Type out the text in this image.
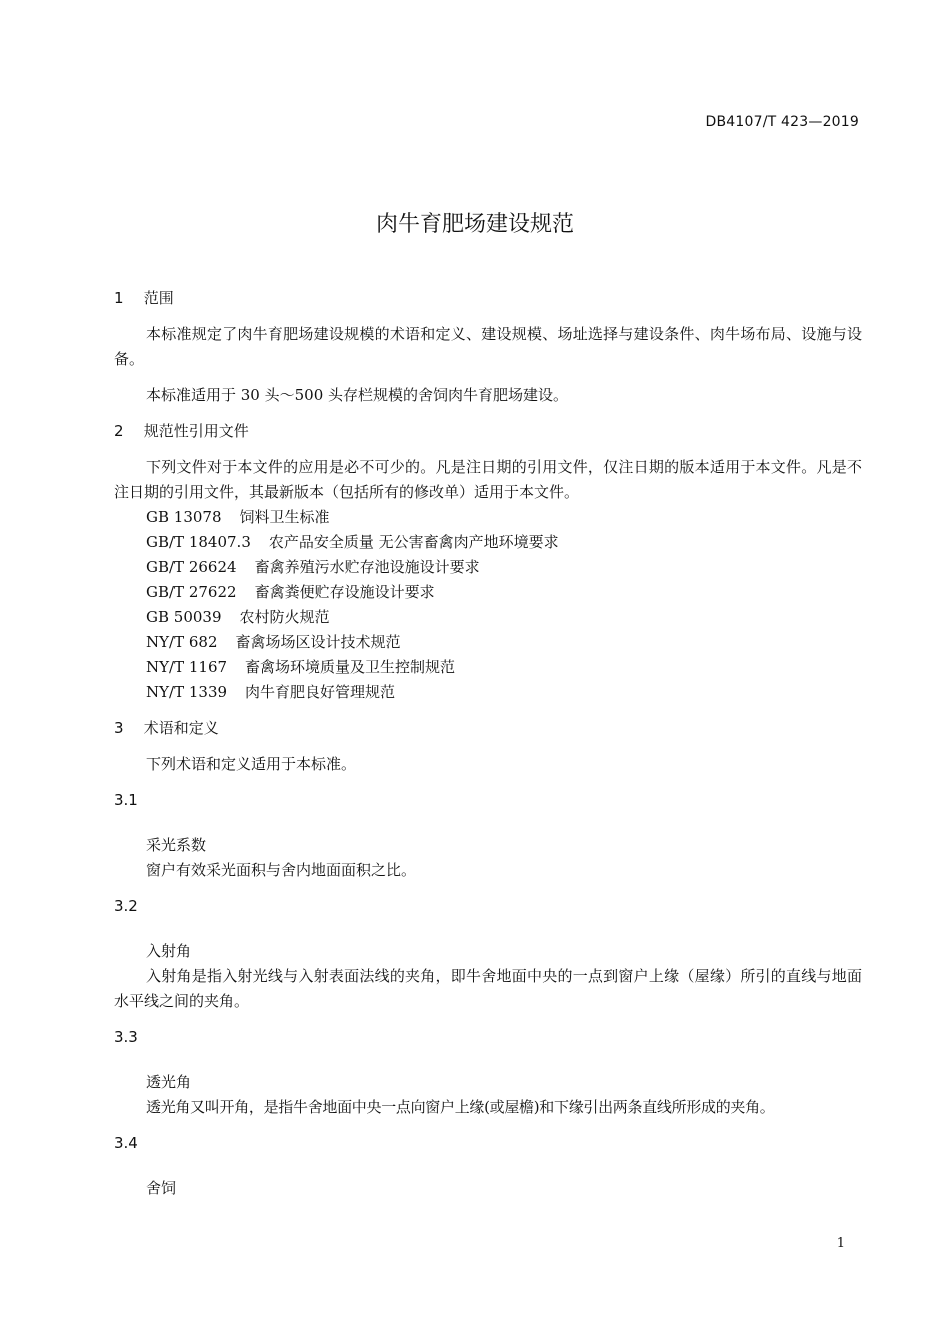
DB4107/T 423—2019
肉牛育肥场建设规范
1 范围

本标准规定了肉牛育肥场建设规模的术语和定义、建设规模、场址选择与建设条件、肉牛场布局、设施与设备。

本标准适用于 30 头～500 头存栏规模的舍饲肉牛育肥场建设。

2 规范性引用文件

下列文件对于本文件的应用是必不可少的。凡是注日期的引用文件，仅注日期的版本适用于本文件。凡是不注日期的引用文件，其最新版本（包括所有的修改单）适用于本文件。

GB 13078 饲料卫生标准
GB/T 18407.3 农产品安全质量 无公害畜禽肉产地环境要求
GB/T 26624 畜禽养殖污水贮存池设施设计要求
GB/T 27622 畜禽粪便贮存设施设计要求
GB 50039 农村防火规范
NY/T 682 畜禽场场区设计技术规范
NY/T 1167 畜禽场环境质量及卫生控制规范
NY/T 1339 肉牛育肥良好管理规范
3 术语和定义

下列术语和定义适用于本标准。

3.1
采光系数

窗户有效采光面积与舍内地面面积之比。

3.2
入射角

入射角是指入射光线与入射表面法线的夹角，即牛舍地面中央的一点到窗户上缘（屋缘）所引的直线与地面水平线之间的夹角。

3.3
透光角

透光角又叫开角，是指牛舍地面中央一点向窗户上缘(或屋檐)和下缘引出两条直线所形成的夹角。

3.4
舍饲
1
